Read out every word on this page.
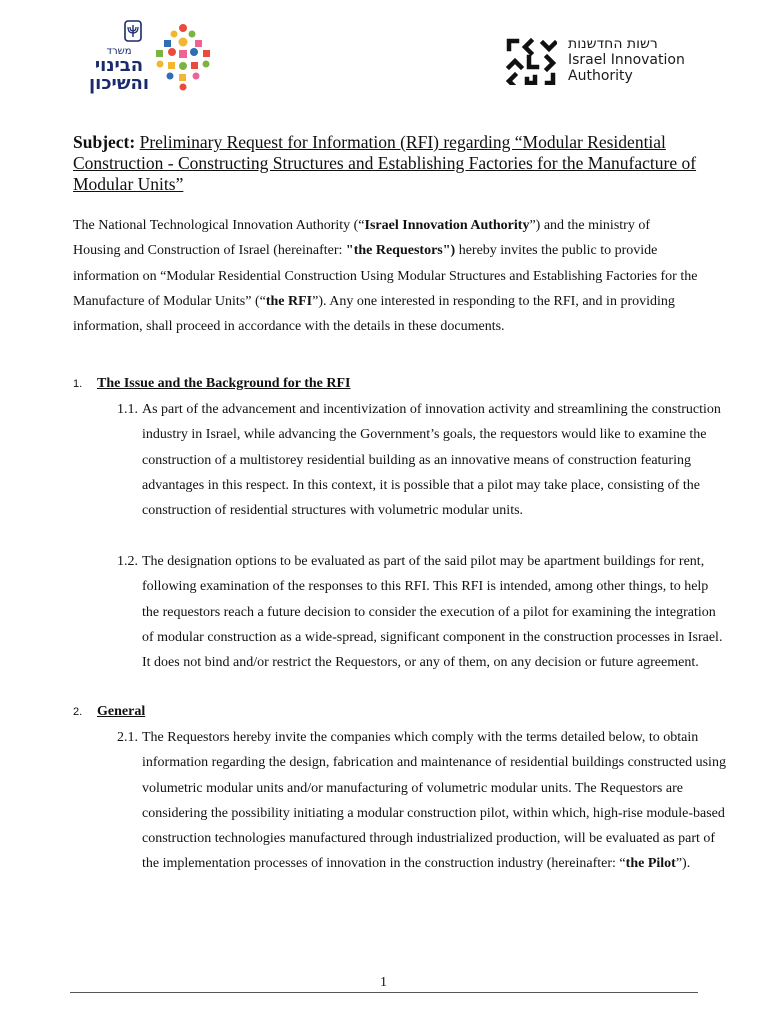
משרד
הבינוי
והשיכון
רשות החדשנות
Israel Innovation
Authority
Subject: Preliminary Request for Information (RFI) regarding “Modular Residential Construction - Constructing Structures and Establishing Factories for the Manufacture of Modular Units”
The National Technological Innovation Authority (“Israel Innovation Authority”) and the ministry of Housing and Construction of Israel (hereinafter: "the Requestors") hereby invites the public to provide information on “Modular Residential Construction Using Modular Structures and Establishing Factories for the Manufacture of Modular Units” (“the RFI”). Any one interested in responding to the RFI, and in providing information, shall proceed in accordance with the details in these documents.
1. The Issue and the Background for the RFI
1.1. As part of the advancement and incentivization of innovation activity and streamlining the construction industry in Israel, while advancing the Government’s goals, the requestors would like to examine the construction of a multistorey residential building as an innovative means of construction featuring advantages in this respect. In this context, it is possible that a pilot may take place, consisting of the construction of residential structures with volumetric modular units.
1.2. The designation options to be evaluated as part of the said pilot may be apartment buildings for rent, following examination of the responses to this RFI. This RFI is intended, among other things, to help the requestors reach a future decision to consider the execution of a pilot for examining the integration of modular construction as a wide-spread, significant component in the construction processes in Israel. It does not bind and/or restrict the Requestors, or any of them, on any decision or future agreement.
2. General
2.1. The Requestors hereby invite the companies which comply with the terms detailed below, to obtain information regarding the design, fabrication and maintenance of residential buildings constructed using volumetric modular units and/or manufacturing of volumetric modular units. The Requestors are considering the possibility initiating a modular construction pilot, within which, high-rise module-based construction technologies manufactured through industrialized production, will be evaluated as part of the implementation processes of innovation in the construction industry (hereinafter: “the Pilot”).
1
